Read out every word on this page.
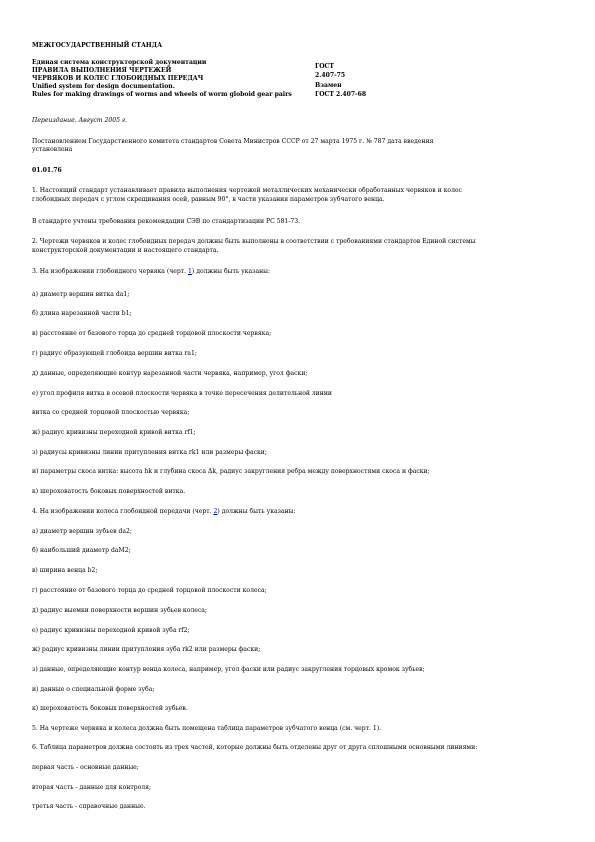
МЕЖГОСУДАРСТВЕННЫЙ СТАНДА
Единая система конструкторской документации
ПРАВИЛА ВЫПОЛНЕНИЯ ЧЕРТЕЖЕЙ
ЧЕРВЯКОВ И КОЛЕС ГЛОБОИДНЫХ ПЕРЕДАЧ
Unified system for design documentation.
Rules for making drawings of worms and wheels of worm globoid gear pairs
ГОСТ
2.407-75
Взамен
ГОСТ 2.407-68
Переиздание. Август 2005 г.
Постановлением Государственного комитета стандартов Совета Министров СССР от 27 марта 1975 г. № 787 дата введения
установлена
01.01.76
1. Настоящий стандарт устанавливает правила выполнения чертежей металлических механически обработанных червяков и колес
глобоидных передач с углом скрещивания осей, равным 90°, в части указания параметров зубчатого венца.
В стандарте учтены требования рекомендации СЭВ по стандартизации РС 581-73.
2. Чертежи червяков и колес глобоидных передач должны быть выполнены в соответствии с требованиями стандартов Единой системы
конструкторской документации и настоящего стандарта.
3. На изображении глобоидного червяка (черт. 1) должны быть указаны:
а) диаметр вершин витка da1;
б) длина нарезанной части b1;
в) расстояние от базового торца до средней торцовой плоскости червяка;
г) радиус образующей глобоида вершин витка ra1;
д) данные, определяющие контур нарезанной части червяка, например, угол фаски;
е) угол профиля витка в осевой плоскости червяка в точке пересечения делительной линии
витка со средней торцовой плоскостью червяка;
ж) радиус кривизны переходной кривой витка rf1;
з) радиусы кривизны линии притупления витка rk1 или размеры фаски;
и) параметры скоса витка: высота hk и глубина скоса Δk, радиус закругления ребра между поверхностями скоса и фаски;
к) шероховатость боковых поверхностей витка.
4. На изображении колеса глобоидной передачи (черт. 2) должны быть указаны:
а) диаметр вершин зубьев da2;
б) наибольший диаметр daM2;
в) ширина венца b2;
г) расстояние от базового торца до средней торцовой плоскости колеса;
д) радиус выемки поверхности вершин зубьев колеса;
е) радиус кривизны переходной кривой зуба rf2;
ж) радиус кривизны линии притупления зуба rk2 или размеры фаски;
з) данные, определяющие контур венца колеса, например, угол фаски или радиус закругления торцовых кромок зубьев;
и) данные о специальной форме зуба;
к) шероховатость боковых поверхностей зубьев.
5. На чертеже червяка и колеса должна быть помещена таблица параметров зубчатого венца (см. черт. 1).
6. Таблица параметров должна состоять из трех частей, которые должны быть отделены друг от друга сплошными основными линиями:
первая часть - основные данные;
вторая часть - данные для контроля;
третья часть - справочные данные.
